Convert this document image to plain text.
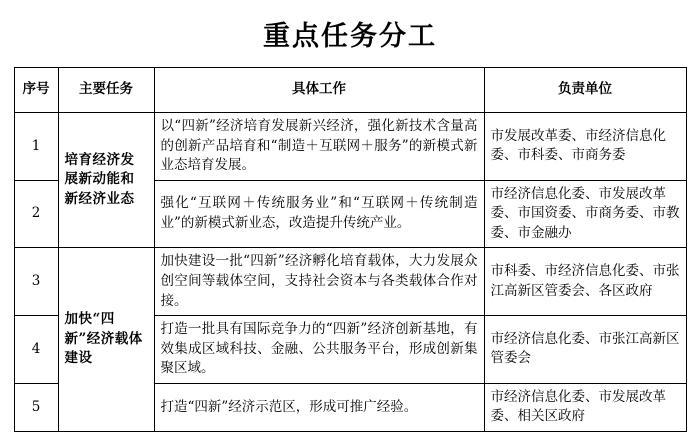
重点任务分工
序号	主要任务	具体工作	负责单位
1	培育经济发展新动能和新经济业态	以“四新”经济培育发展新兴经济，强化新技术含量高的创新产品培育和“制造＋互联网＋服务”的新模式新业态培育发展。	市发展改革委、市经济信息化委、市科委、市商务委
2		强化“互联网＋传统服务业”和“互联网＋传统制造业”的新模式新业态，改造提升传统产业。	市经济信息化委、市发展改革委、市国资委、市商务委、市教委、市金融办
3	加快“四新”经济载体建设	加快建设一批“四新”经济孵化培育载体，大力发展众创空间等载体空间，支持社会资本与各类载体合作对接。	市科委、市经济信息化委、市张江高新区管委会、各区政府
4		打造一批具有国际竞争力的“四新”经济创新基地，有效集成区域科技、金融、公共服务平台，形成创新集聚区域。	市经济信息化委、市张江高新区管委会
5		打造“四新”经济示范区，形成可推广经验。	市经济信息化委、市发展改革委、相关区政府
